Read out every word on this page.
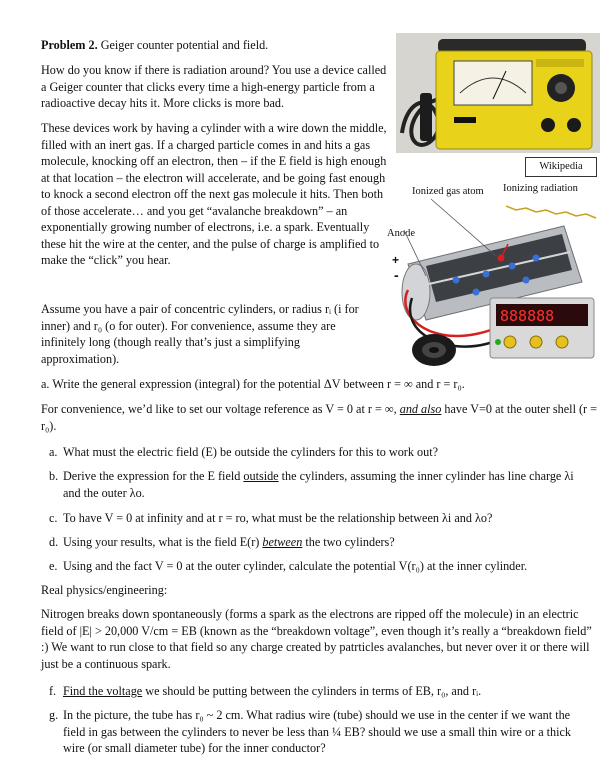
Problem 2. Geiger counter potential and field.

How do you know if there is radiation around? You use a device called a Geiger counter that clicks every time a high-energy particle from a radioactive decay hits it. More clicks is more bad.

These devices work by having a cylinder with a wire down the middle, filled with an inert gas. If a charged particle comes in and hits a gas molecule, knocking off an electron, then – if the E field is high enough at that location – the electron will accelerate, and be going fast enough to knock a second electron off the next gas molecule it hits. Then both of those accelerate… and you get “avalanche breakdown” – an exponentially growing number of electrons, i.e. a spark. Eventually these hit the wire at the center, and the pulse of charge is amplified to make the “click” you hear.

Assume you have a pair of concentric cylinders, or radius rᵢ (i for inner) and r₀ (o for outer). For convenience, assume they are infinitely long (though really that’s just a simplifying approximation).

a. Write the general expression (integral) for the potential ΔV between r = ∞ and r = r₀.

For convenience, we’d like to set our voltage reference as V = 0 at r = ∞, and also have V=0 at the outer shell (r = r₀).

a. What must the electric field (E) be outside the cylinders for this to work out?
b. Derive the expression for the E field outside the cylinders, assuming the inner cylinder has line charge λi and the outer λo.
c. To have V = 0 at infinity and at r = ro, what must be the relationship between λi and λo?
d. Using your results, what is the field E(r) between the two cylinders?
e. Using and the fact V = 0 at the outer cylinder, calculate the potential V(r₀) at the inner cylinder.

Real physics/engineering:

Nitrogen breaks down spontaneously (forms a spark as the electrons are ripped off the molecule) in an electric field of |E| > 20,000 V/cm = EB (known as the “breakdown voltage”, even though it’s really a “breakdown field” :) We want to run close to that field so any charge created by patrticles avalanches, but never over it or there will just be a continuous spark.

f. Find the voltage we should be putting between the cylinders in terms of EB, r₀, and rᵢ.
g. In the picture, the tube has r₀ ~ 2 cm. What radius wire (tube) should we use in the center if we want the field in gas between the cylinders to never be less than ¼ EB? should we use a small thin wire or a thick wire (or small diameter tube) for the inner conductor?
Wikipedia
Ionized gas atom Ionizing radiation
Anode
+
-
888888
